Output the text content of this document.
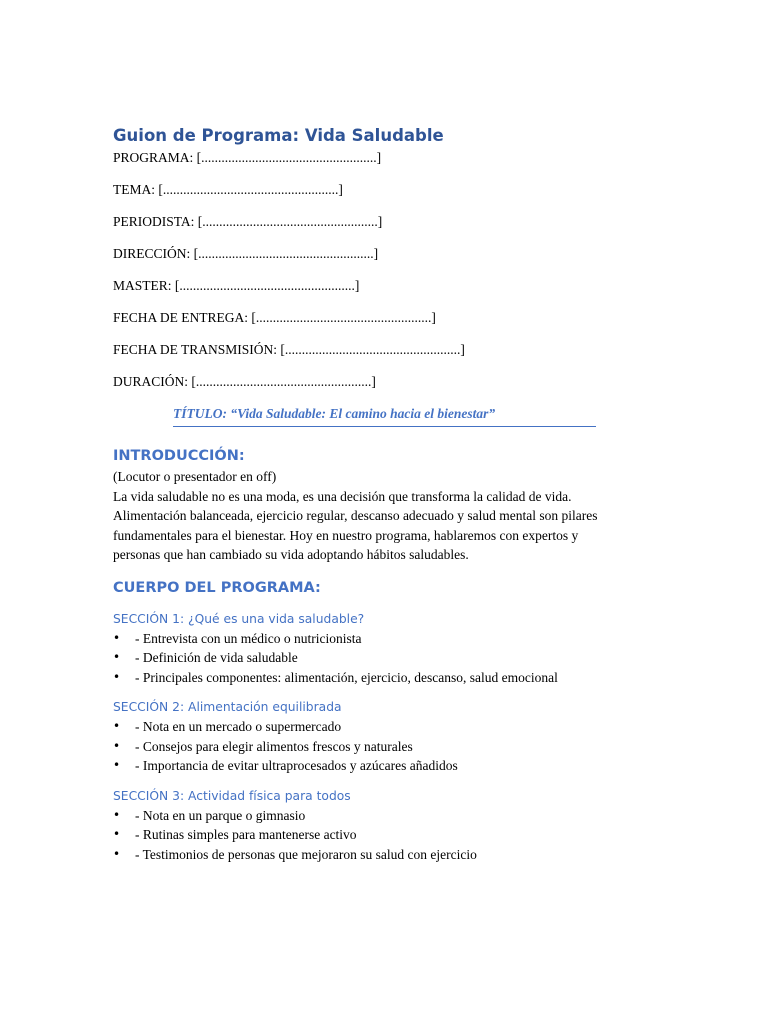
Guion de Programa: Vida Saludable
PROGRAMA: [....................................................]
TEMA: [....................................................]
PERIODISTA: [....................................................]
DIRECCIÓN: [....................................................]
MASTER: [....................................................]
FECHA DE ENTREGA: [....................................................]
FECHA DE TRANSMISIÓN: [....................................................]
DURACIÓN: [....................................................]
TÍTULO: “Vida Saludable: El camino hacia el bienestar”
INTRODUCCIÓN:
(Locutor o presentador en off)
La vida saludable no es una moda, es una decisión que transforma la calidad de vida.
Alimentación balanceada, ejercicio regular, descanso adecuado y salud mental son pilares
fundamentales para el bienestar. Hoy en nuestro programa, hablaremos con expertos y
personas que han cambiado su vida adoptando hábitos saludables.
CUERPO DEL PROGRAMA:
SECCIÓN 1: ¿Qué es una vida saludable?
• - Entrevista con un médico o nutricionista
• - Definición de vida saludable
• - Principales componentes: alimentación, ejercicio, descanso, salud emocional
SECCIÓN 2: Alimentación equilibrada
• - Nota en un mercado o supermercado
• - Consejos para elegir alimentos frescos y naturales
• - Importancia de evitar ultraprocesados y azúcares añadidos
SECCIÓN 3: Actividad física para todos
• - Nota en un parque o gimnasio
• - Rutinas simples para mantenerse activo
• - Testimonios de personas que mejoraron su salud con ejercicio
